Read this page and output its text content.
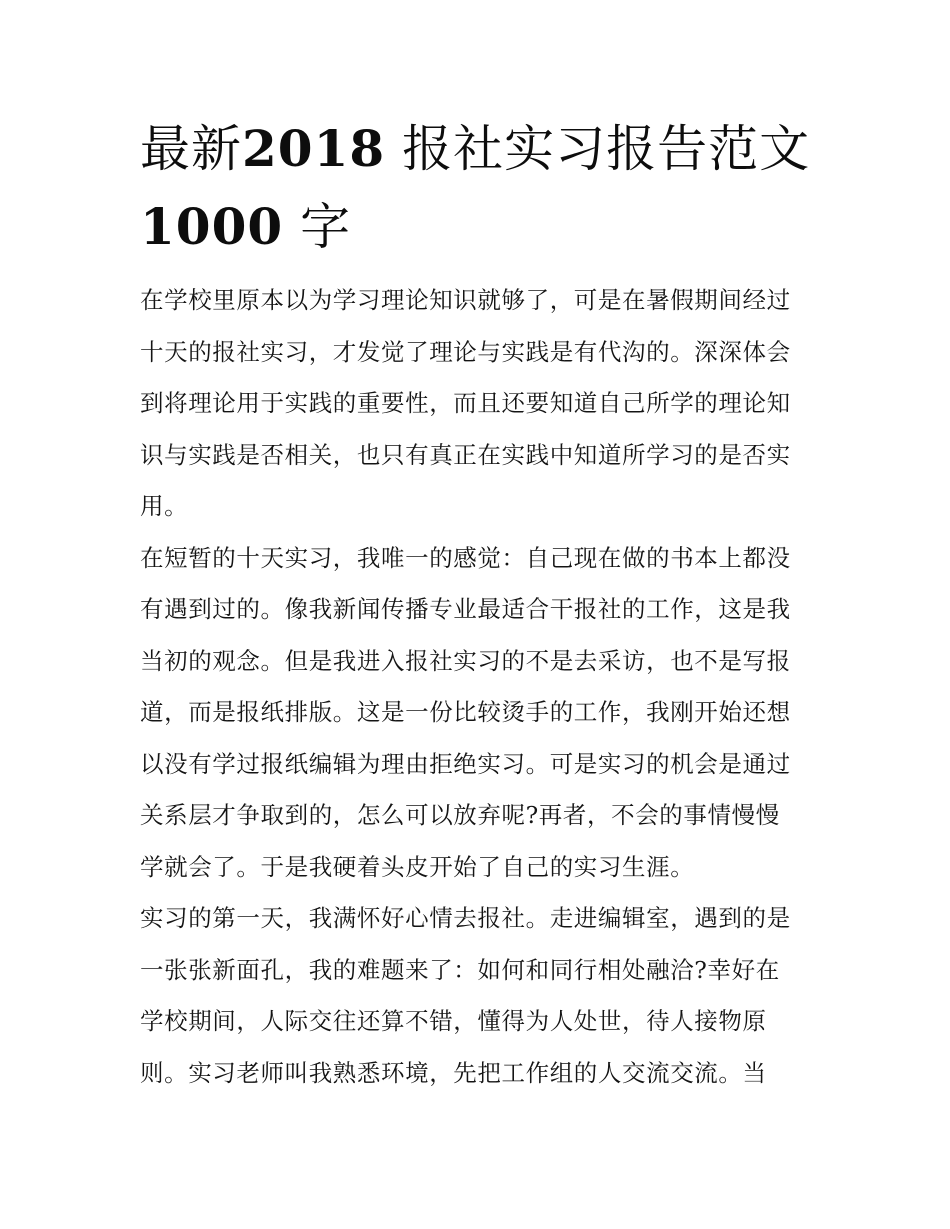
最新2018 报社实习报告范文
1000 字

在学校里原本以为学习理论知识就够了，可是在暑假期间经过
十天的报社实习，才发觉了理论与实践是有代沟的。深深体会
到将理论用于实践的重要性，而且还要知道自己所学的理论知
识与实践是否相关，也只有真正在实践中知道所学习的是否实
用。

在短暂的十天实习，我唯一的感觉：自己现在做的书本上都没
有遇到过的。像我新闻传播专业最适合干报社的工作，这是我
当初的观念。但是我进入报社实习的不是去采访，也不是写报
道，而是报纸排版。这是一份比较烫手的工作，我刚开始还想
以没有学过报纸编辑为理由拒绝实习。可是实习的机会是通过
关系层才争取到的，怎么可以放弃呢?再者，不会的事情慢慢
学就会了。于是我硬着头皮开始了自己的实习生涯。

实习的第一天，我满怀好心情去报社。走进编辑室，遇到的是
一张张新面孔，我的难题来了：如何和同行相处融洽?幸好在
学校期间，人际交往还算不错，懂得为人处世，待人接物原
则。实习老师叫我熟悉环境，先把工作组的人交流交流。当
